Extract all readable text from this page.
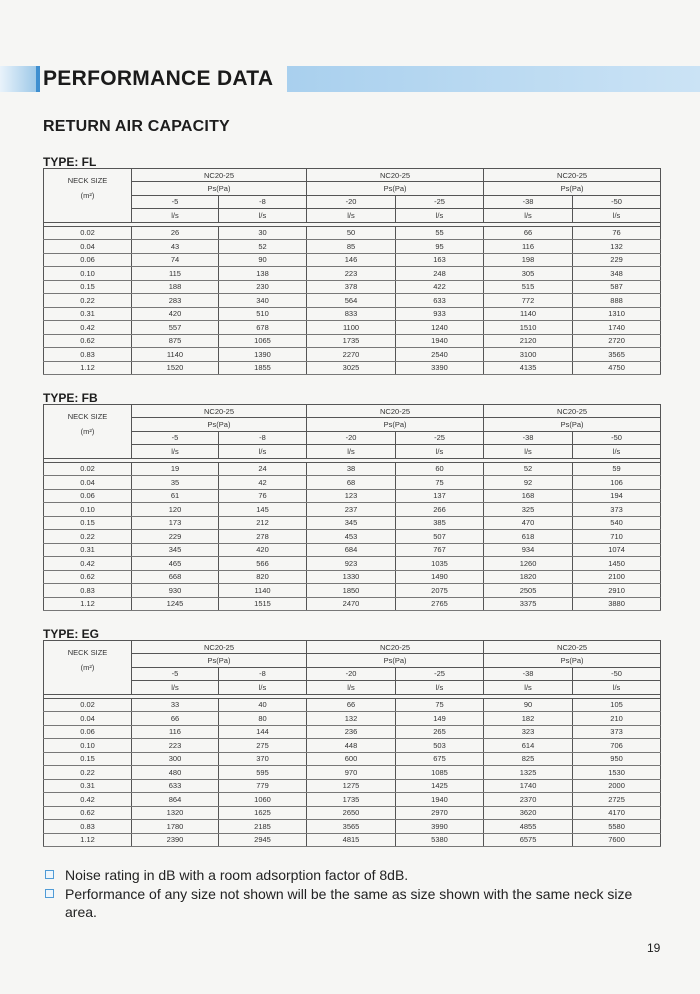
PERFORMANCE DATA
RETURN AIR CAPACITY
TYPE: FL
NECK SIZE
(m²)	NC20-25		NC20-25		NC20-25	
	Ps(Pa)		Ps(Pa)		Ps(Pa)	
	-5	-8	-20	-25	-38	-50
	l/s	l/s	l/s	l/s	l/s	l/s

0.02	26	30	50	55	66	76
0.04	43	52	85	95	116	132
0.06	74	90	146	163	198	229
0.10	115	138	223	248	305	348
0.15	188	230	378	422	515	587
0.22	283	340	564	633	772	888
0.31	420	510	833	933	1140	1310
0.42	557	678	1100	1240	1510	1740
0.62	875	1065	1735	1940	2120	2720
0.83	1140	1390	2270	2540	3100	3565
1.12	1520	1855	3025	3390	4135	4750
TYPE: FB
NECK SIZE
(m²)	NC20-25		NC20-25		NC20-25	
	Ps(Pa)		Ps(Pa)		Ps(Pa)	
	-5	-8	-20	-25	-38	-50
	l/s	l/s	l/s	l/s	l/s	l/s

0.02	19	24	38	60	52	59
0.04	35	42	68	75	92	106
0.06	61	76	123	137	168	194
0.10	120	145	237	266	325	373
0.15	173	212	345	385	470	540
0.22	229	278	453	507	618	710
0.31	345	420	684	767	934	1074
0.42	465	566	923	1035	1260	1450
0.62	668	820	1330	1490	1820	2100
0.83	930	1140	1850	2075	2505	2910
1.12	1245	1515	2470	2765	3375	3880
TYPE: EG
NECK SIZE
(m²)	NC20-25		NC20-25		NC20-25	
	Ps(Pa)		Ps(Pa)		Ps(Pa)	
	-5	-8	-20	-25	-38	-50
	l/s	l/s	l/s	l/s	l/s	l/s

0.02	33	40	66	75	90	105
0.04	66	80	132	149	182	210
0.06	116	144	236	265	323	373
0.10	223	275	448	503	614	706
0.15	300	370	600	675	825	950
0.22	480	595	970	1085	1325	1530
0.31	633	779	1275	1425	1740	2000
0.42	864	1060	1735	1940	2370	2725
0.62	1320	1625	2650	2970	3620	4170
0.83	1780	2185	3565	3990	4855	5580
1.12	2390	2945	4815	5380	6575	7600

Noise rating in dB with a room adsorption factor of 8dB.

Performance of any size not shown will be the same as size shown with the same neck size area.

19
